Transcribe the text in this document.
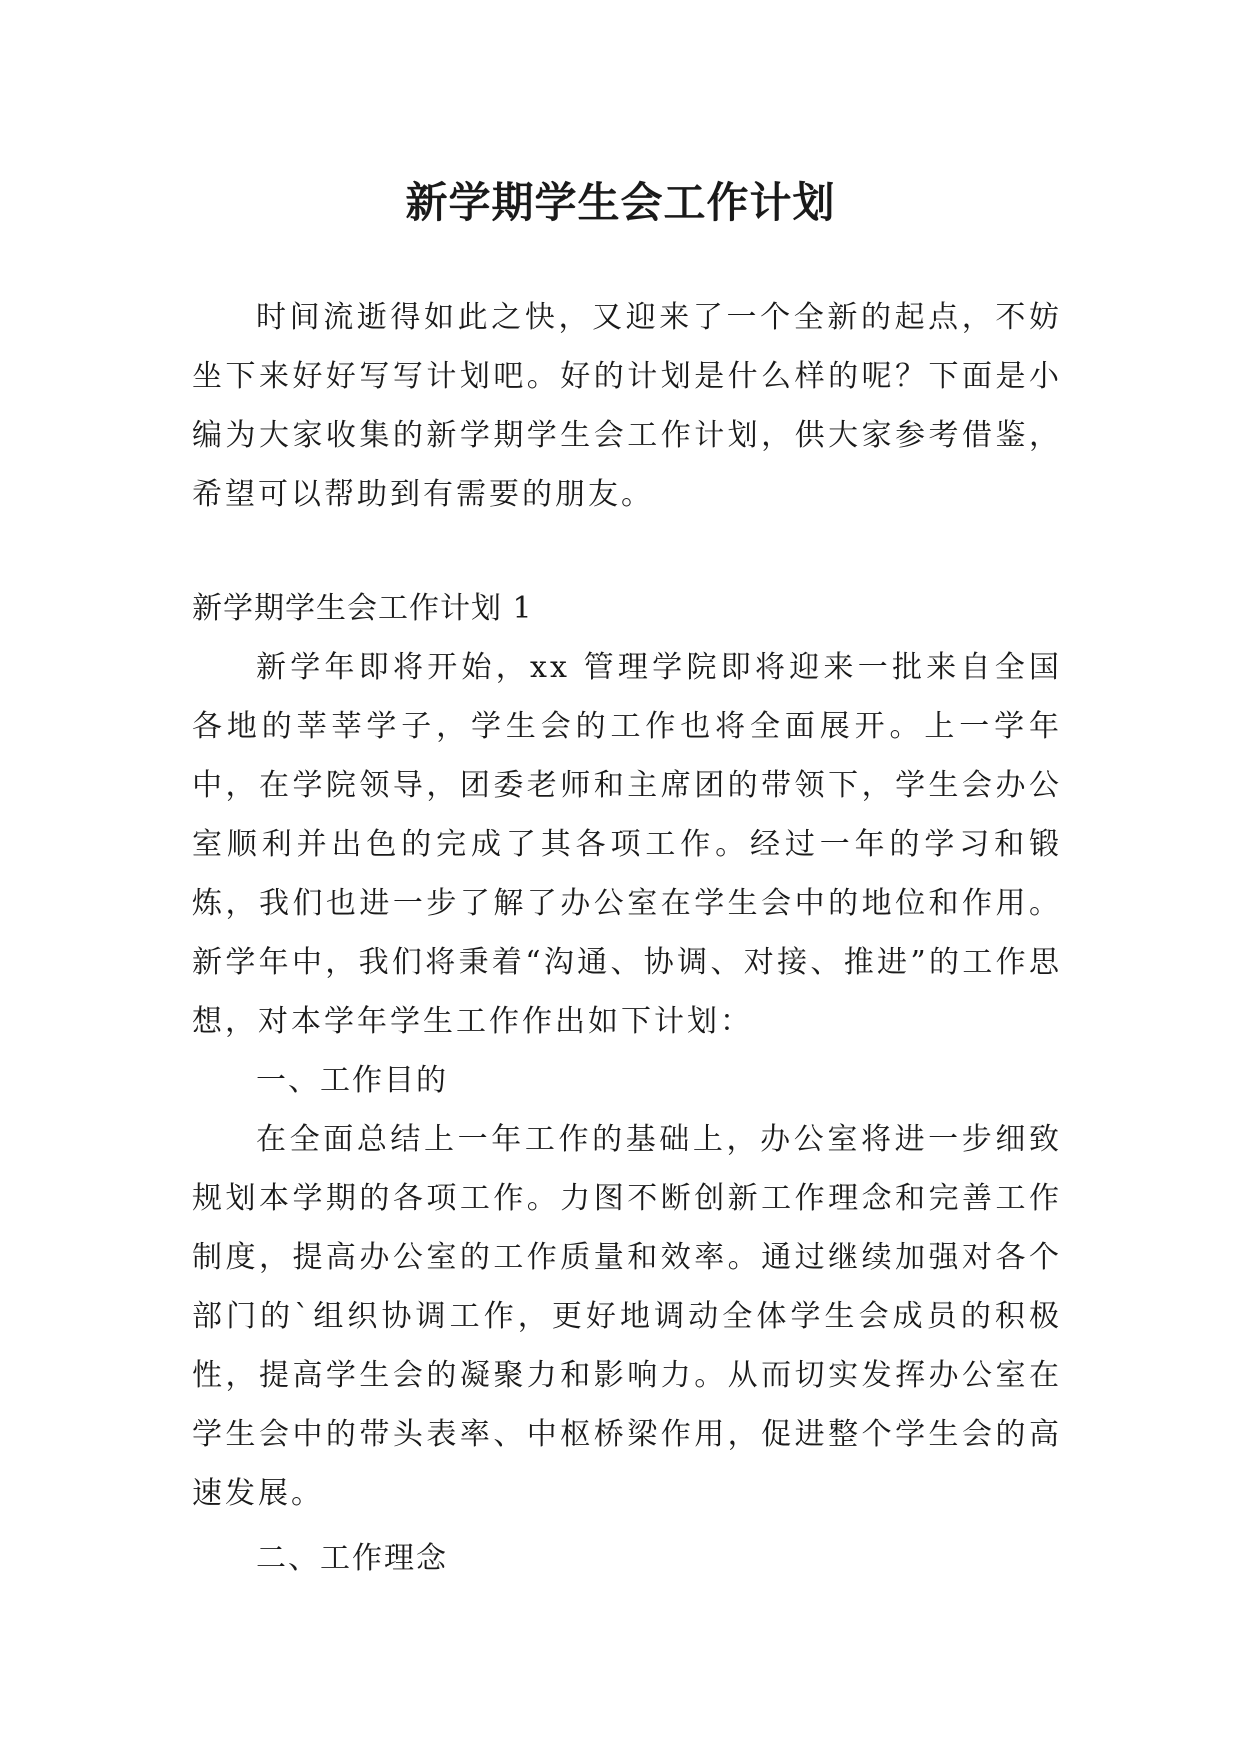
新学期学生会工作计划

时间流逝得如此之快，又迎来了一个全新的起点，不妨坐下来好好写写计划吧。好的计划是什么样的呢？下面是小编为大家收集的新学期学生会工作计划，供大家参考借鉴，希望可以帮助到有需要的朋友。

新学期学生会工作计划 1

新学年即将开始，xx 管理学院即将迎来一批来自全国各地的莘莘学子，学生会的工作也将全面展开。上一学年中，在学院领导，团委老师和主席团的带领下，学生会办公室顺利并出色的完成了其各项工作。经过一年的学习和锻炼，我们也进一步了解了办公室在学生会中的地位和作用。新学年中，我们将秉着“沟通、协调、对接、推进”的工作思想，对本学年学生工作作出如下计划：

一、工作目的

在全面总结上一年工作的基础上，办公室将进一步细致规划本学期的各项工作。力图不断创新工作理念和完善工作制度，提高办公室的工作质量和效率。通过继续加强对各个部门的`组织协调工作，更好地调动全体学生会成员的积极性，提高学生会的凝聚力和影响力。从而切实发挥办公室在学生会中的带头表率、中枢桥梁作用，促进整个学生会的高速发展。

二、工作理念
